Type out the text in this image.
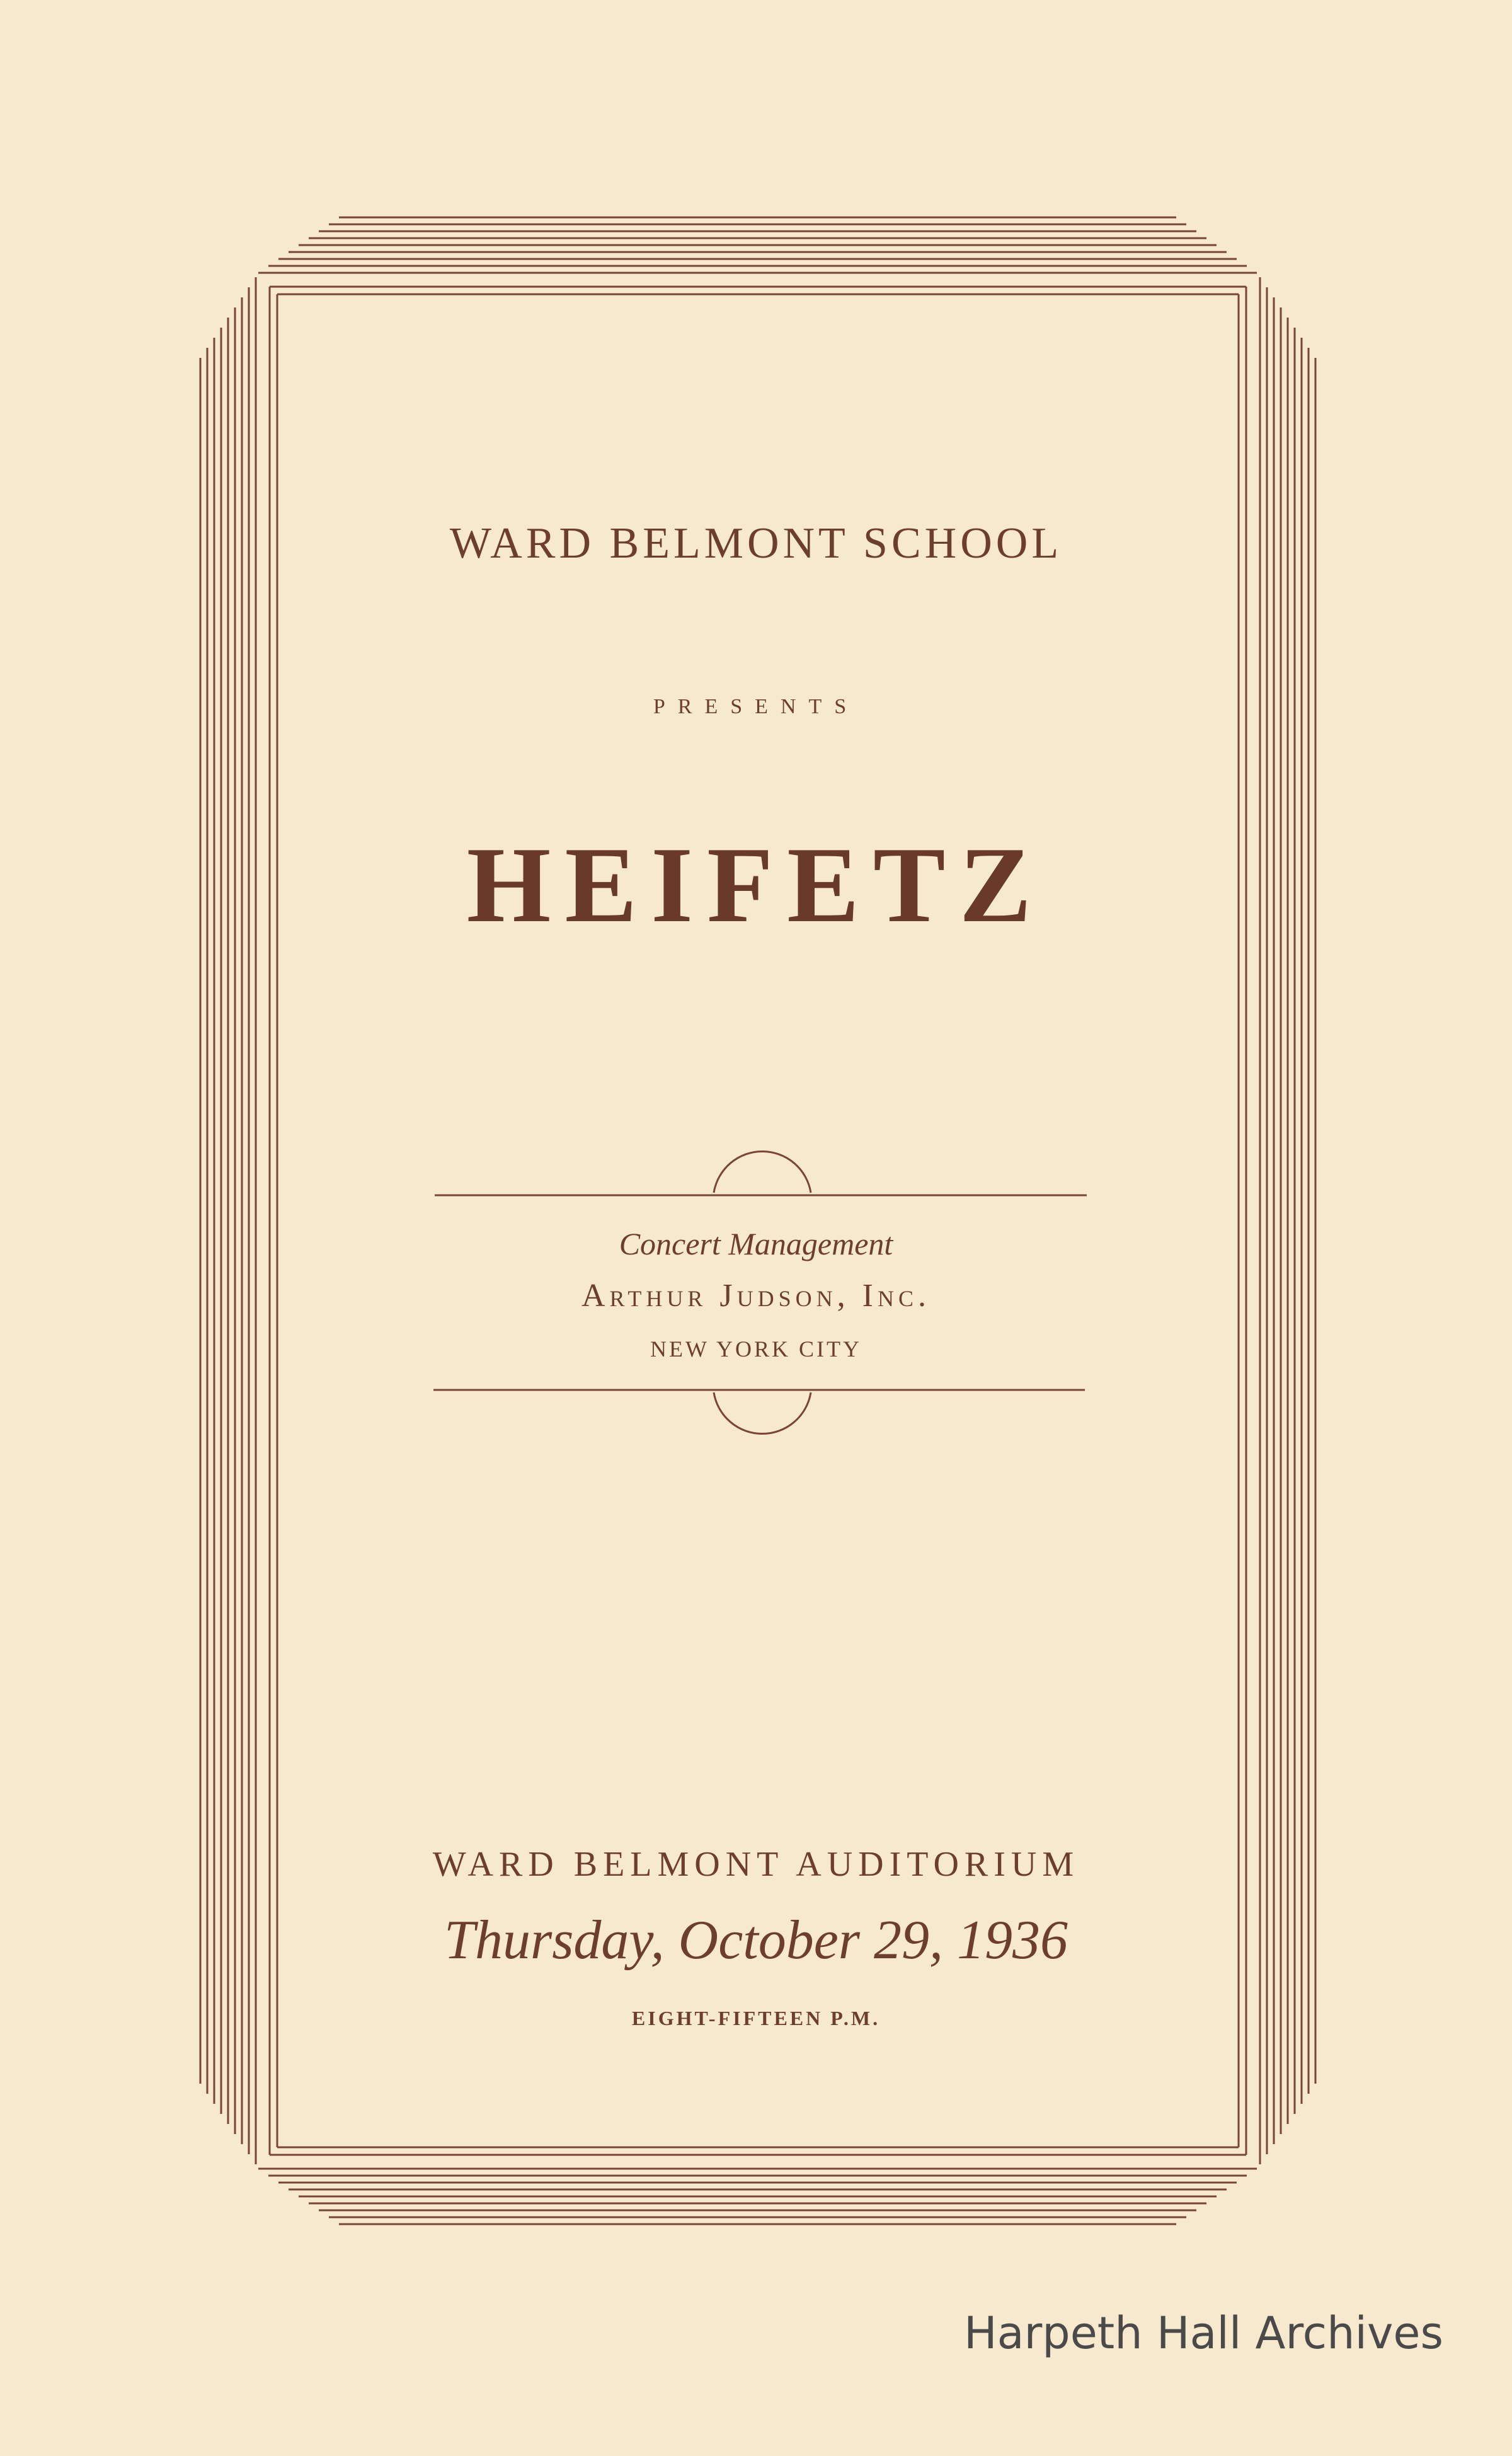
WARD BELMONT SCHOOL
PRESENTS
HEIFETZ
Concert Management
Arthur Judson, Inc.
NEW YORK CITY
WARD BELMONT AUDITORIUM
Thursday, October 29, 1936
EIGHT-FIFTEEN P.M.
Harpeth Hall Archives
